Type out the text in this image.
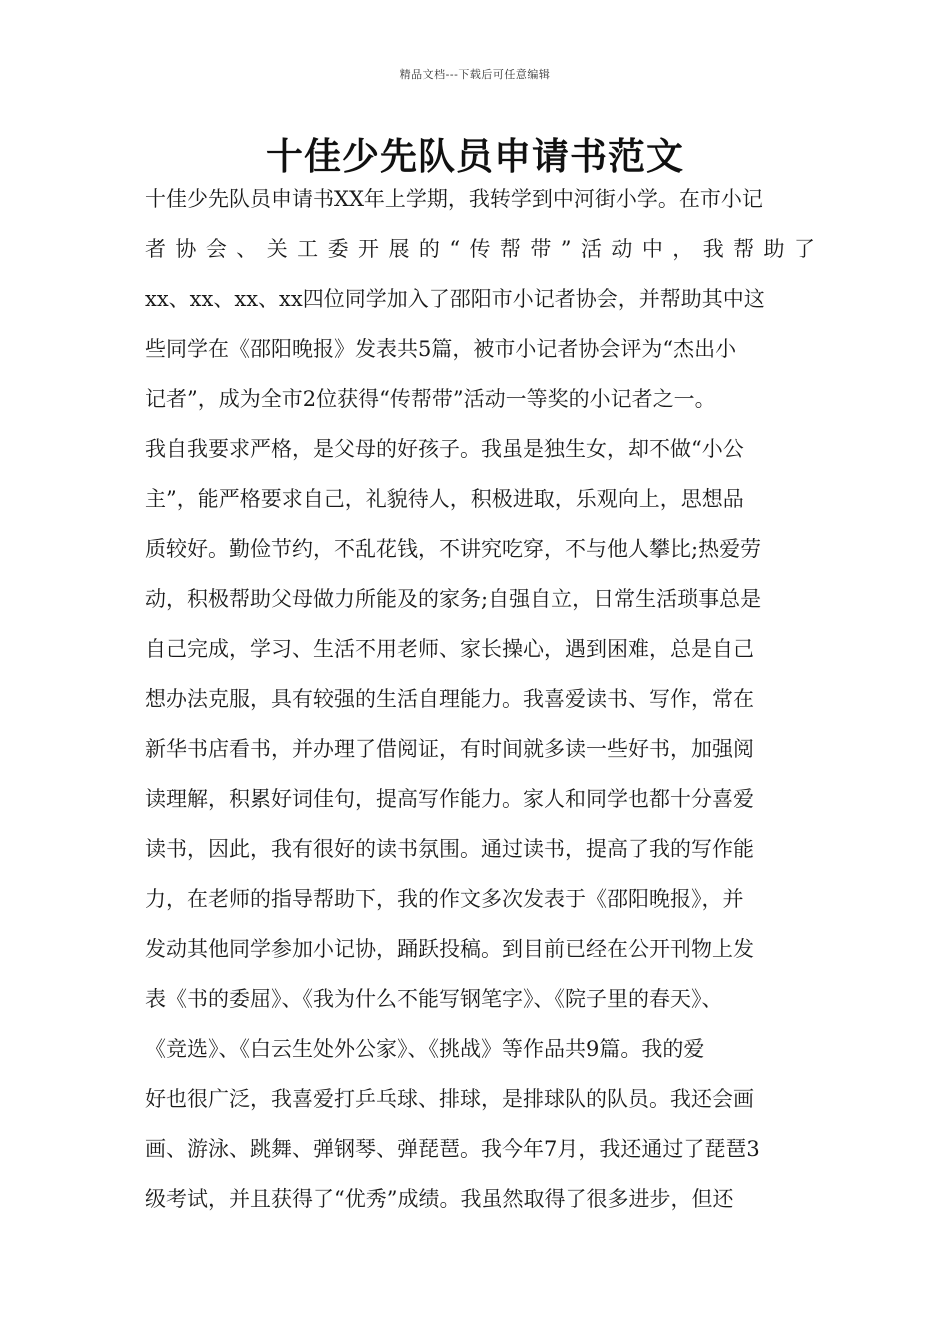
精品文档---下载后可任意编辑
十佳少先队员申请书范文
十佳少先队员申请书XX年上学期，我转学到中河街小学。在市小记
者协会、关工委开展的“传帮带”活动中，我帮助了
xx、xx、xx、xx四位同学加入了邵阳市小记者协会，并帮助其中这
些同学在《邵阳晚报》发表共5篇，被市小记者协会评为“杰出小
记者”，成为全市2位获得“传帮带”活动一等奖的小记者之一。
我自我要求严格，是父母的好孩子。我虽是独生女，却不做“小公
主”，能严格要求自己，礼貌待人，积极进取，乐观向上，思想品
质较好。勤俭节约，不乱花钱，不讲究吃穿，不与他人攀比;热爱劳
动，积极帮助父母做力所能及的家务;自强自立，日常生活琐事总是
自己完成，学习、生活不用老师、家长操心，遇到困难，总是自己
想办法克服，具有较强的生活自理能力。我喜爱读书、写作，常在
新华书店看书，并办理了借阅证，有时间就多读一些好书，加强阅
读理解，积累好词佳句，提高写作能力。家人和同学也都十分喜爱
读书，因此，我有很好的读书氛围。通过读书，提高了我的写作能
力，在老师的指导帮助下，我的作文多次发表于《邵阳晚报》，并
发动其他同学参加小记协，踊跃投稿。到目前已经在公开刊物上发
表《书的委屈》、《我为什么不能写钢笔字》、《院子里的春天》、
《竞选》、《白云生处外公家》、《挑战》等作品共9篇。我的爱
好也很广泛，我喜爱打乒乓球、排球，是排球队的队员。我还会画
画、游泳、跳舞、弹钢琴、弹琵琶。我今年7月，我还通过了琵琶3
级考试，并且获得了“优秀”成绩。我虽然取得了很多进步，但还
